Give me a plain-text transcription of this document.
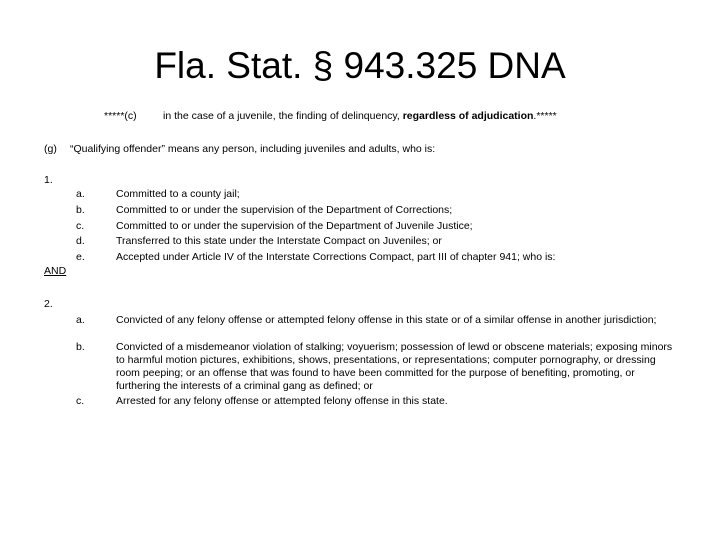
Fla. Stat. § 943.325 DNA
*****(c)	in the case of a juvenile, the finding of delinquency, regardless of adjudication.*****
(g) “Qualifying offender” means any person, including juveniles and adults, who is:
1.
a.	Committed to a county jail;
b.	Committed to or under the supervision of the Department of Corrections;
c.	Committed to or under the supervision of the Department of Juvenile Justice;
d.	Transferred to this state under the Interstate Compact on Juveniles; or
e.	Accepted under Article IV of the Interstate Corrections Compact, part III of chapter 941; who is:
AND
2.
a.	Convicted of any felony offense or attempted felony offense in this state or of a similar offense in another jurisdiction;
b.	Convicted of a misdemeanor violation of stalking; voyuerism; possession of lewd or obscene materials; exposing minors to harmful motion pictures, exhibitions, shows, presentations, or representations; computer pornography, or dressing room peeping; or an offense that was found to have been committed for the purpose of benefiting, promoting, or furthering the interests of a criminal gang as defined; or
c.	Arrested for any felony offense or attempted felony offense in this state.
